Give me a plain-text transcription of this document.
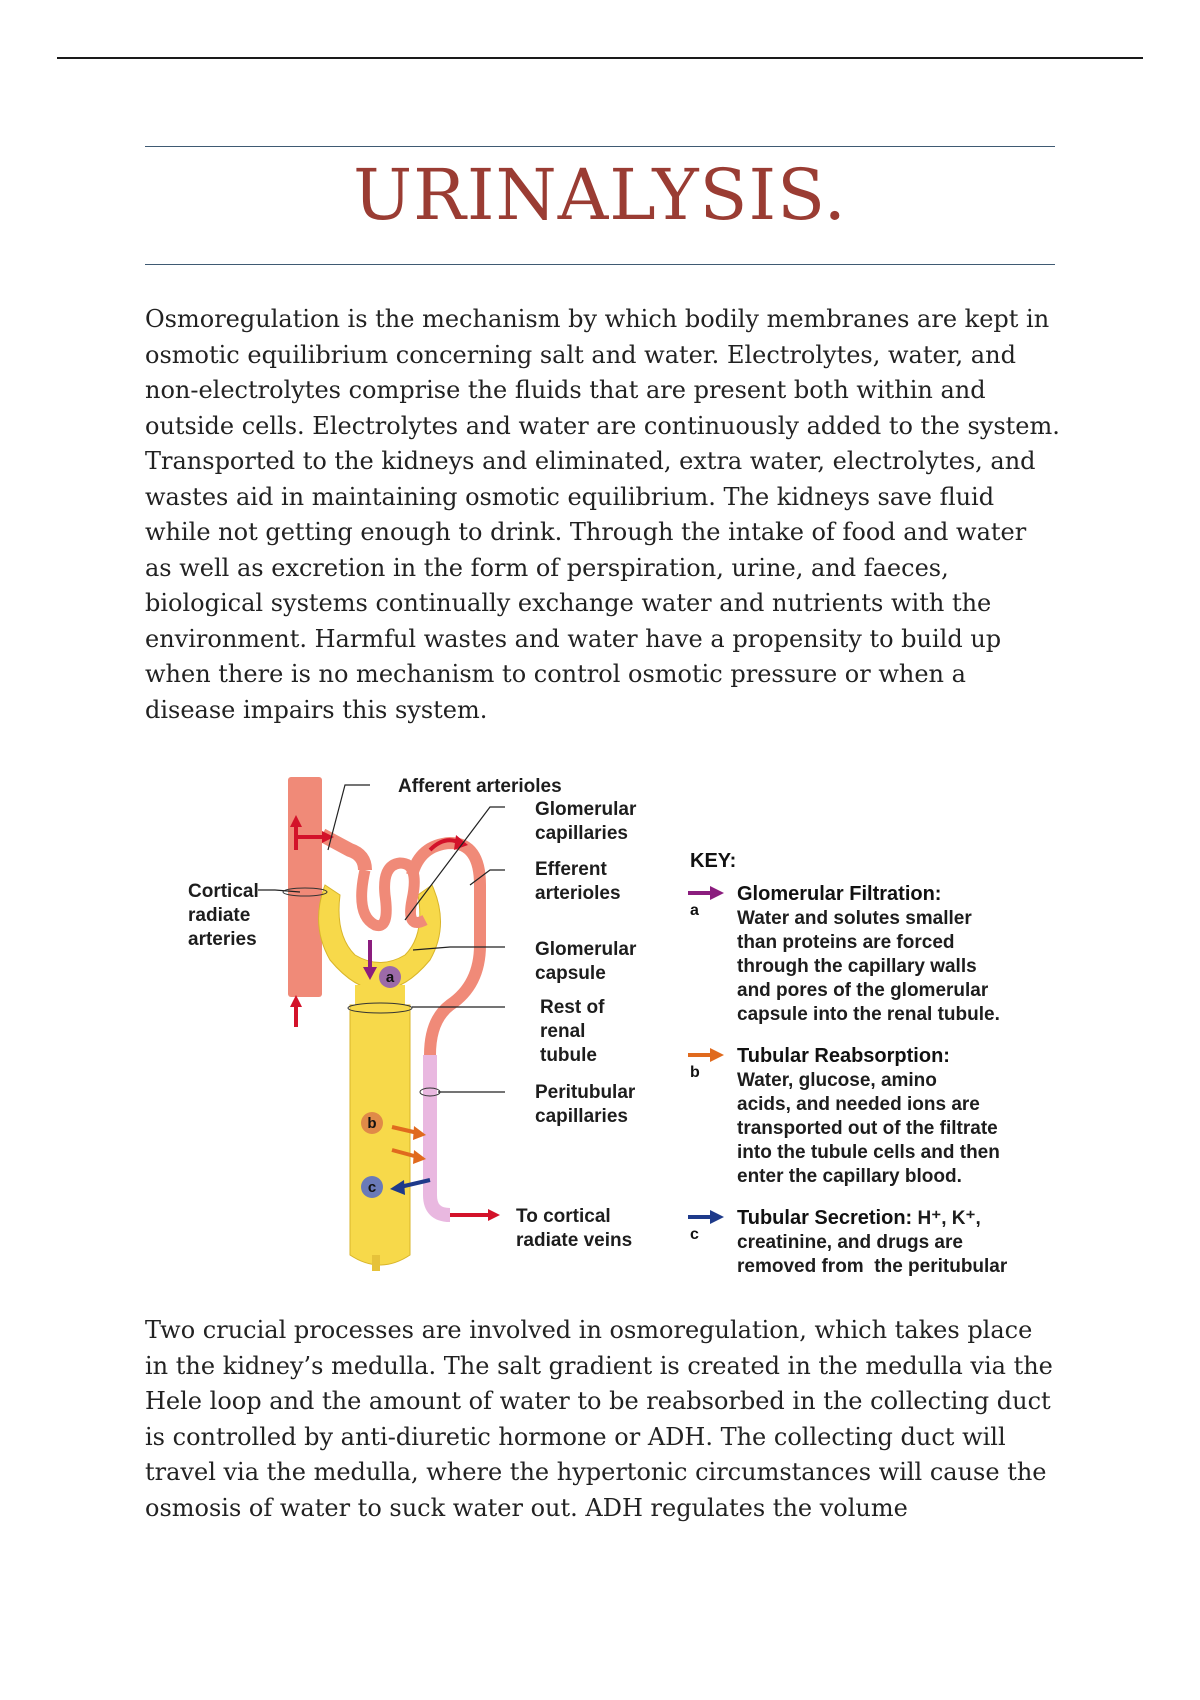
URINALYSIS.

Osmoregulation is the mechanism by which bodily membranes are kept in osmotic equilibrium concerning salt and water. Electrolytes, water, and non-electrolytes comprise the fluids that are present both within and outside cells. Electrolytes and water are continuously added to the system. Transported to the kidneys and eliminated, extra water, electrolytes, and wastes aid in maintaining osmotic equilibrium. The kidneys save fluid while not getting enough to drink. Through the intake of food and water as well as excretion in the form of perspiration, urine, and faeces, biological systems continually exchange water and nutrients with the environment. Harmful wastes and water have a propensity to build up when there is no mechanism to control osmotic pressure or when a disease impairs this system.

a
b
c
Afferent arterioles
Glomerular
capillaries
Efferent
arterioles
Cortical
radiate
arteries	Glomerular
capsule
Rest of
renal
tubule
Peritubular
capillaries
To cortical
radiate veins
KEY:
a
Glomerular Filtration:
Water and solutes smaller
than proteins are forced
through the capillary walls
and pores of the glomerular
capsule into the renal tubule.
b
Tubular Reabsorption:
Water, glucose, amino
acids, and needed ions are
transported out of the filtrate
into the tubule cells and then
enter the capillary blood.
c
Tubular Secretion: H⁺, K⁺,
creatinine, and drugs are
removed from  the peritubular

Two crucial processes are involved in osmoregulation, which takes place in the kidney’s medulla. The salt gradient is created in the medulla via the Hele loop and the amount of water to be reabsorbed in the collecting duct is controlled by anti-diuretic hormone or ADH. The collecting duct will travel via the medulla, where the hypertonic circumstances will cause the osmosis of water to suck water out. ADH regulates the volume
